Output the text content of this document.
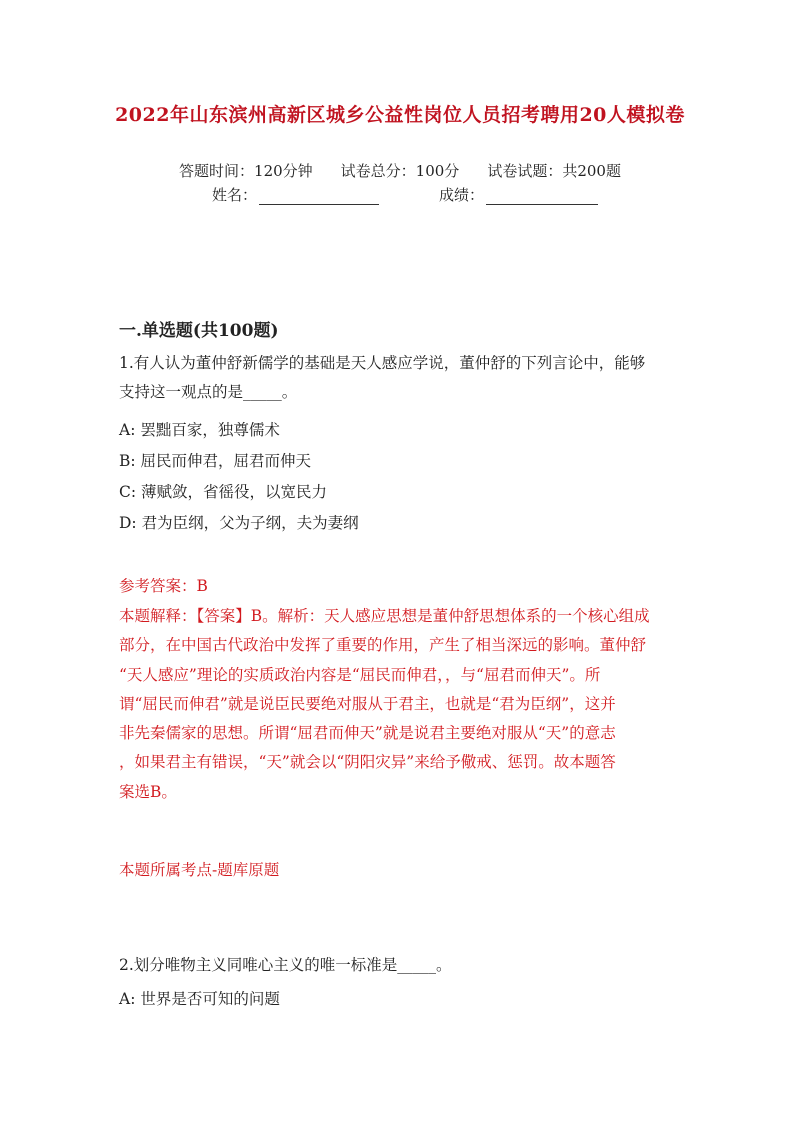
2022年山东滨州高新区城乡公益性岗位人员招考聘用20人模拟卷
答题时间：120分钟 试卷总分：100分 试卷试题：共200题
姓名：	成绩：
一.单选题(共100题)
1.有人认为董仲舒新儒学的基础是天人感应学说，董仲舒的下列言论中，能够
支持这一观点的是_____。
A: 罢黜百家，独尊儒术
B: 屈民而伸君，屈君而伸天
C: 薄赋敛，省徭役，以宽民力
D: 君为臣纲，父为子纲，夫为妻纲
参考答案：B
本题解释：【答案】B。解析：天人感应思想是董仲舒思想体系的一个核心组成
部分，在中国古代政治中发挥了重要的作用，产生了相当深远的影响。董仲舒
“天人感应”理论的实质政治内容是“屈民而伸君，，与“屈君而伸天”。所
谓“屈民而伸君”就是说臣民要绝对服从于君主，也就是“君为臣纲”，这并
非先秦儒家的思想。所谓“屈君而伸天”就是说君主要绝对服从“天”的意志
，如果君主有错误，“天”就会以“阴阳灾异”来给予儆戒、惩罚。故本题答
案选B。
本题所属考点-题库原题
2.划分唯物主义同唯心主义的唯一标准是_____。
A: 世界是否可知的问题
